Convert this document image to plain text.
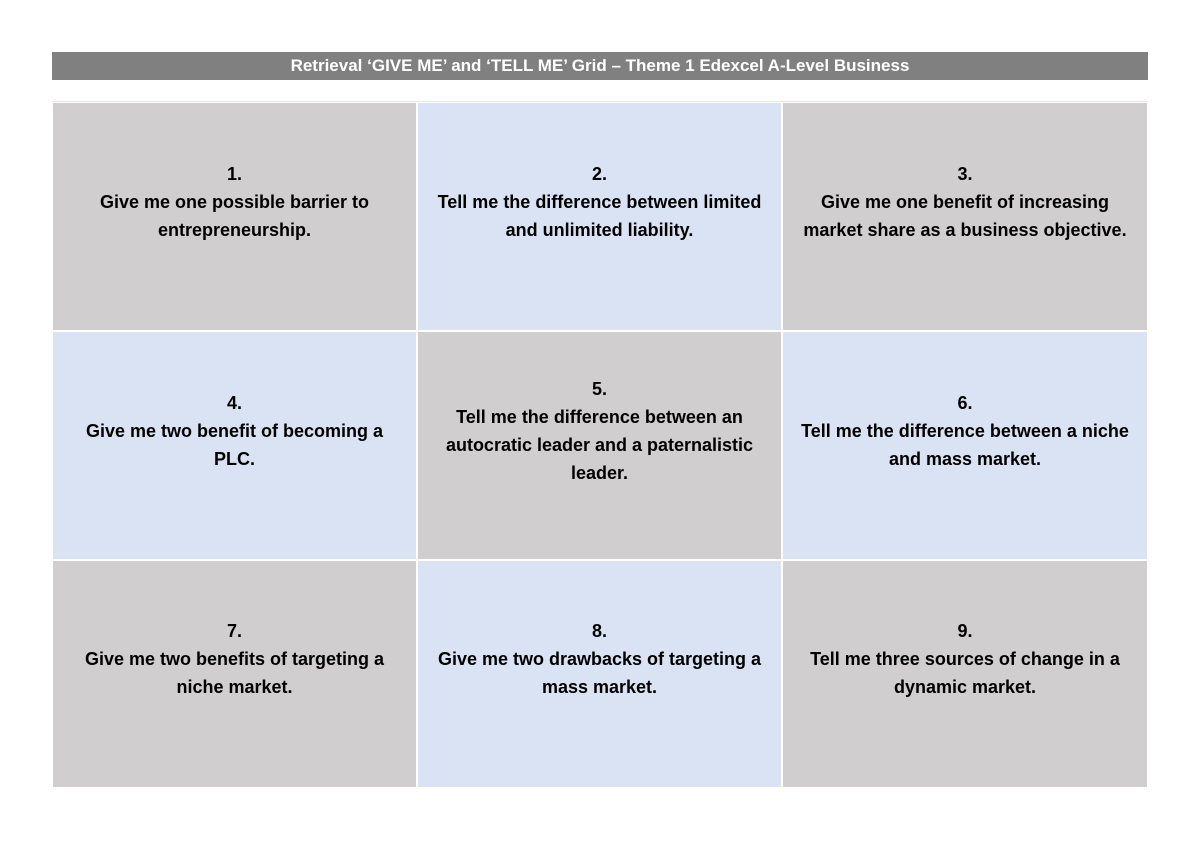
Retrieval ‘GIVE ME’ and ‘TELL ME’ Grid – Theme 1 Edexcel A-Level Business
1.
Give me one possible barrier to entrepreneurship.
2.
Tell me the difference between limited and unlimited liability.
3.
Give me one benefit of increasing market share as a business objective.
4.
Give me two benefit of becoming a PLC.
5.
Tell me the difference between an autocratic leader and a paternalistic leader.
6.
Tell me the difference between a niche and mass market.
7.
Give me two benefits of targeting a niche market.
8.
Give me two drawbacks of targeting a mass market.
9.
Tell me three sources of change in a dynamic market.
